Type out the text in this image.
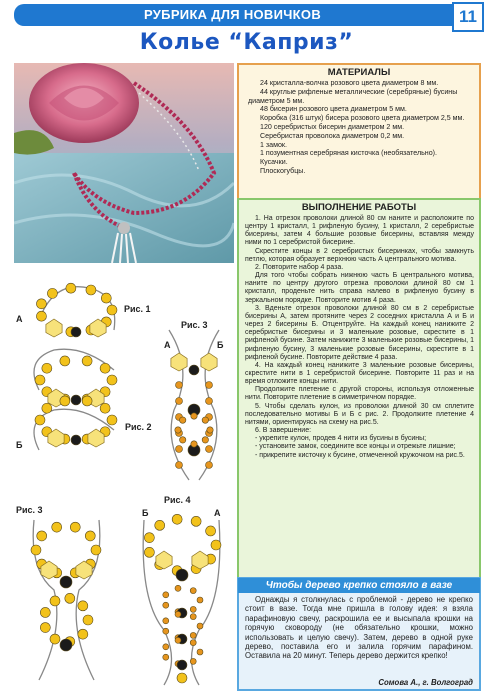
РУБРИКА ДЛЯ НОВИЧКОВ	11
Колье “Каприз”
МАТЕРИАЛЫ
24 кристалла-волчка розового цвета диаметром 8 мм.
44 круглые рифленые металлические (серебряные) бусины диаметром 5 мм.
48 бисерин розового цвета диаметром 5 мм.
Коробка (316 штук) бисера розового цвета диаметром 2,5 мм.
120 серебристых бисерин диаметром 2 мм.
Серебристая проволока диаметром 0,2 мм.
1 замок.
1 позументная серебряная кисточка (необязательно).
Кусачки.
Плоскогубцы.
ВЫПОЛНЕНИЕ РАБОТЫ

1. На отрезок проволоки длиной 80 см наните и расположите по центру 1 кристалл, 1 рифленую бусину, 1 кристалл, 2 серебристые бисерины, затем 4 большие розовые бисерины, вставляя между ними по 1 серебристой бисерине.

Скрестите концы в 2 серебристых бисеринках, чтобы замкнуть петлю, которая образует верхнюю часть А центрального мотива.

2. Повторите набор 4 раза.

Для того чтобы собрать нижнюю часть Б центрального мотива, наните по центру другого отрезка проволоки длиной 80 см 1 кристалл, проденьте нить справа налево в рифленую бусину в зеркальном порядке. Повторите мотив 4 раза.

3. Вденьте отрезок проволоки длиной 80 см в 2 серебристые бисерины А, затем протяните через 2 соседних кристалла А и Б и через 2 бисерины Б. Отцентруйте. На каждый конец нанижите 2 серебристые бисерины и 3 маленькие розовые, скрестите в 1 рифленой бусине. Затем нанижите 3 маленькие розовые бисерины, 1 рифленую бусину, 3 маленькие розовые бисерины, скрестите в 1 рифленой бусине. Повторите действие 4 раза.

4. На каждый конец нанижите 3 маленькие розовые бисерины, скрестите нити в 1 серебристой бисерине. Повторите 11 раз и на время отложите концы нити.

Продолжите плетение с другой стороны, используя отложенные нити. Повторите плетение в симметричном порядке.

5. Чтобы сделать кулон, из проволоки длиной 30 см сплетите последовательно мотивы Б и Б с рис. 2. Продолжите плетение 4 нитями, ориентируясь на схему на рис.5.

6. В завершение:

- укрепите кулон, продев 4 нити из бусины в бусины;

- установите замок, соедините все концы и отрежьте лишние;

- прикрепите кисточку к бусине, отмеченной кружочком на рис.5.

Чтобы дерево крепко стояло в вазе

Однажды я столкнулась с проблемой - дерево не крепко стоит в вазе. Тогда мне пришла в голову идея: я взяла парафиновую свечу, раскрошила ее и высыпала крошки на горячую сковороду (не обязательно крошки, можно использовать и целую свечу). Затем, дерево в одной руке дерево, поставила его и залила горячим парафином. Оставила на 20 минут. Теперь дерево держится крепко!

Сомова А., г. Волгоград
Рис. 1
Рис. 2
Рис. 3
Рис. 3
Рис. 4
А
Б
А	Б
Б	А
